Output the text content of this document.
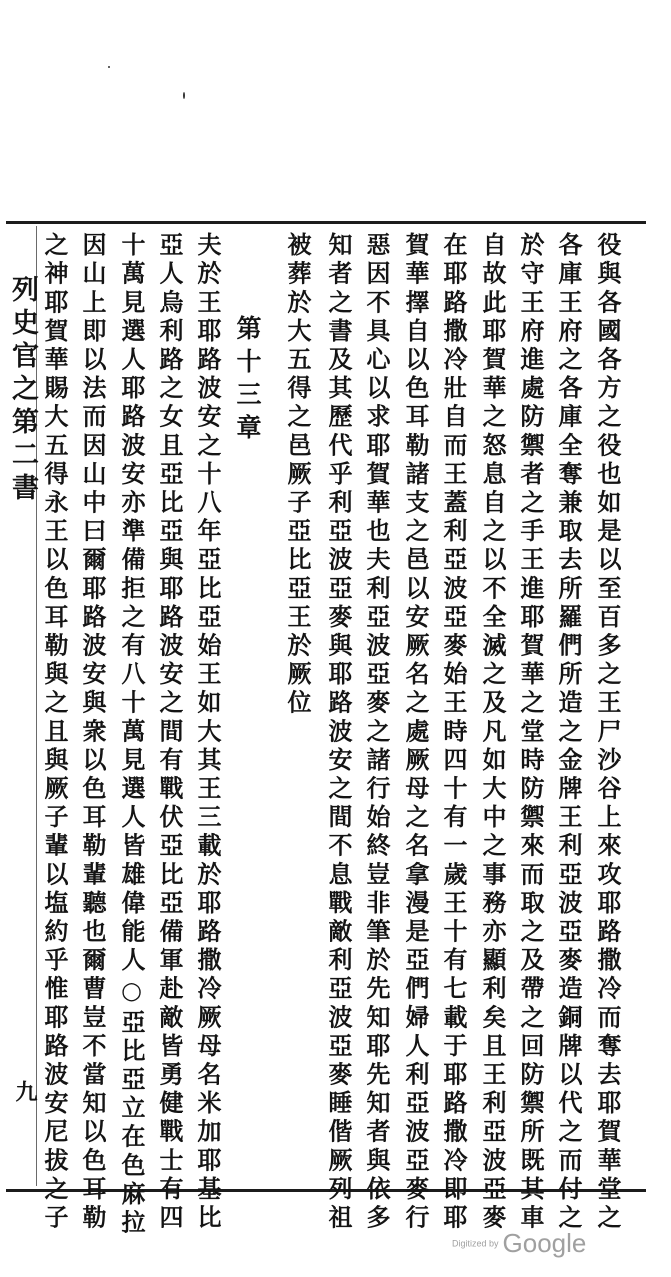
列史官之第二書
九	役與各國各方之役也如是以至百多之王尸沙谷上來攻耶路撒冷而奪去耶賀華堂之
各庫王府之各庫全奪兼取去所羅們所造之金牌王利亞波亞麥造銅牌以代之而付之
於守王府進處防禦者之手王進耶賀華之堂時防禦來而取之及帶之回防禦所既其車
自故此耶賀華之怒息自之以不全滅之及凡如大中之事務亦顯利矣且王利亞波亞麥
在耶路撒冷壯自而王蓋利亞波亞麥始王時四十有一歲王十有七載于耶路撒冷即耶
賀華擇自以色耳勒諸支之邑以安厥名之處厥母之名拿漫是亞們婦人利亞波亞麥行
惡因不具心以求耶賀華也夫利亞波亞麥之諸行始終豈非筆於先知耶先知者與依多
知者之書及其歷代乎利亞波亞麥與耶路波安之間不息戰敵利亞波亞麥睡偕厥列祖
被葬於大五得之邑厥子亞比亞王於厥位
第十三章
夫於王耶路波安之十八年亞比亞始王如大其王三載於耶路撒冷厥母名米加耶基比
亞人烏利路之女且亞比亞與耶路波安之間有戰伏亞比亞備軍赴敵皆勇健戰士有四
十萬見選人耶路波安亦準備拒之有八十萬見選人皆雄偉能人○亞比亞立在色麻拉
因山上即以法而因山中曰爾耶路波安與衆以色耳勒輩聽也爾曹豈不當知以色耳勒
之神耶賀華賜大五得永王以色耳勒與之且與厥子輩以塩約乎惟耶路波安尼拔之子
Digitized by Google
